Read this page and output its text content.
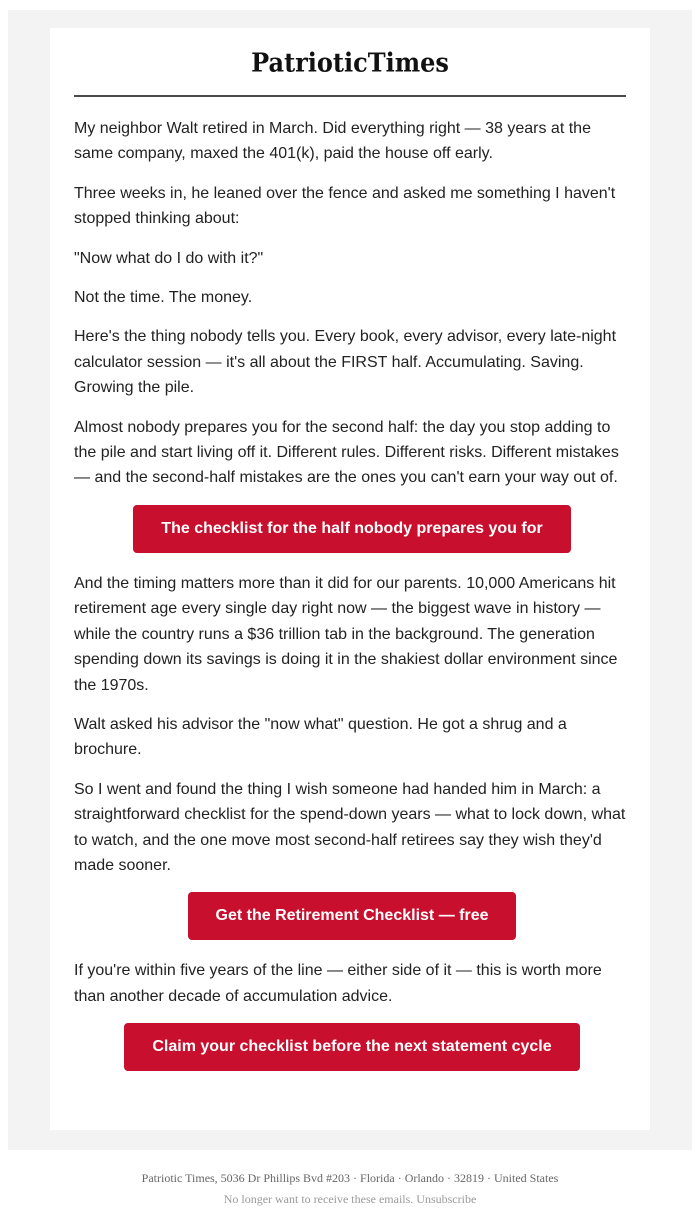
PatrioticTimes

My neighbor Walt retired in March. Did everything right — 38 years at the same company, maxed the 401(k), paid the house off early.

Three weeks in, he leaned over the fence and asked me something I haven't stopped thinking about:

"Now what do I do with it?"

Not the time. The money.

Here's the thing nobody tells you. Every book, every advisor, every late-night calculator session — it's all about the FIRST half. Accumulating. Saving. Growing the pile.

Almost nobody prepares you for the second half: the day you stop adding to the pile and start living off it. Different rules. Different risks. Different mistakes — and the second-half mistakes are the ones you can't earn your way out of.

The checklist for the half nobody prepares you for

And the timing matters more than it did for our parents. 10,000 Americans hit retirement age every single day right now — the biggest wave in history — while the country runs a $36 trillion tab in the background. The generation spending down its savings is doing it in the shakiest dollar environment since the 1970s.

Walt asked his advisor the "now what" question. He got a shrug and a brochure.

So I went and found the thing I wish someone had handed him in March: a straightforward checklist for the spend-down years — what to lock down, what to watch, and the one move most second-half retirees say they wish they'd made sooner.

Get the Retirement Checklist — free

If you're within five years of the line — either side of it — this is worth more than another decade of accumulation advice.

Claim your checklist before the next statement cycle
Patriotic Times, 5036 Dr Phillips Bvd #203 · Florida · Orlando · 32819 · United States
No longer want to receive these emails. Unsubscribe
